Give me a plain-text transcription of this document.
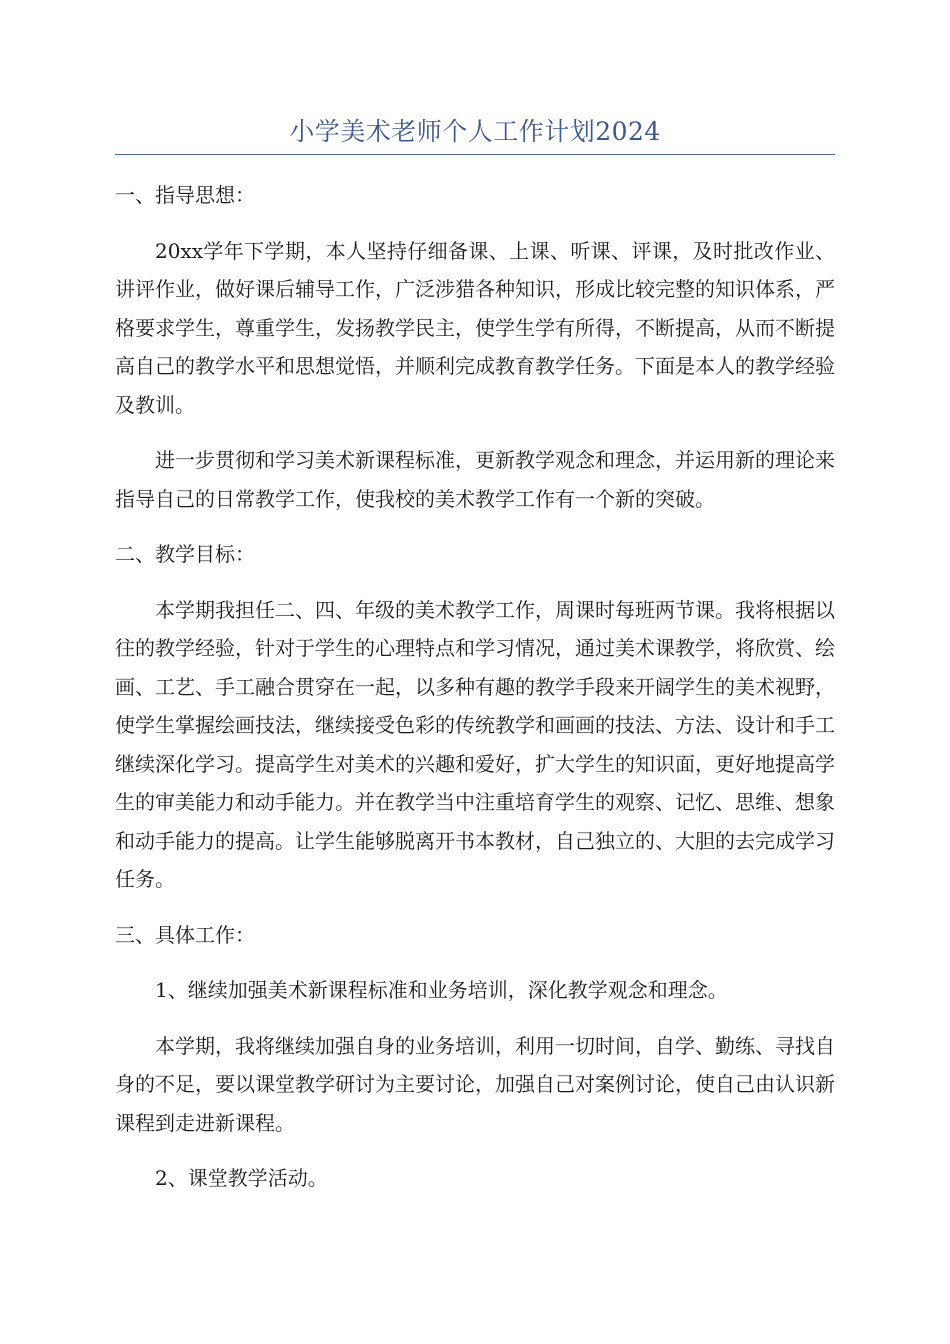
小学美术老师个人工作计划2024

一、指导思想：

20xx学年下学期，本人坚持仔细备课、上课、听课、评课，及时批改作业、讲评作业，做好课后辅导工作，广泛涉猎各种知识，形成比较完整的知识体系，严格要求学生，尊重学生，发扬教学民主，使学生学有所得，不断提高，从而不断提高自己的教学水平和思想觉悟，并顺利完成教育教学任务。下面是本人的教学经验及教训。

进一步贯彻和学习美术新课程标准，更新教学观念和理念，并运用新的理论来指导自己的日常教学工作，使我校的美术教学工作有一个新的突破。

二、教学目标：

本学期我担任二、四、年级的美术教学工作，周课时每班两节课。我将根据以往的教学经验，针对于学生的心理特点和学习情况，通过美术课教学，将欣赏、绘画、工艺、手工融合贯穿在一起，以多种有趣的教学手段来开阔学生的美术视野，使学生掌握绘画技法，继续接受色彩的传统教学和画画的技法、方法、设计和手工继续深化学习。提高学生对美术的兴趣和爱好，扩大学生的知识面，更好地提高学生的审美能力和动手能力。并在教学当中注重培育学生的观察、记忆、思维、想象和动手能力的提高。让学生能够脱离开书本教材，自己独立的、大胆的去完成学习任务。

三、具体工作：

1、继续加强美术新课程标准和业务培训，深化教学观念和理念。

本学期，我将继续加强自身的业务培训，利用一切时间，自学、勤练、寻找自身的不足，要以课堂教学研讨为主要讨论，加强自己对案例讨论，使自己由认识新课程到走进新课程。

2、课堂教学活动。
